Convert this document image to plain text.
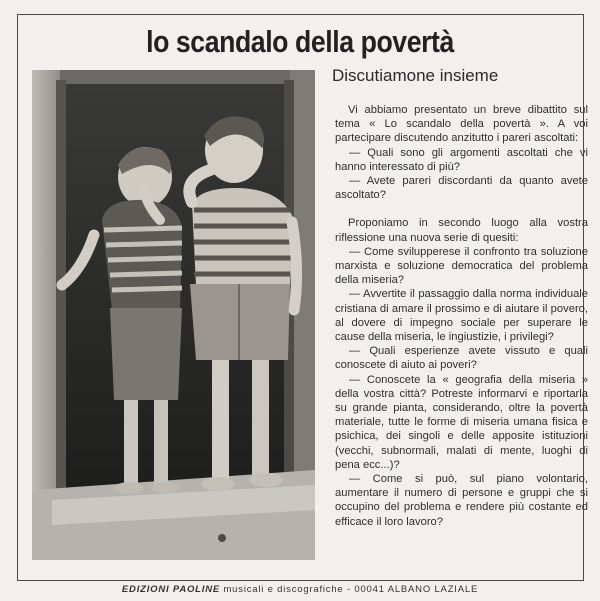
lo scandalo della povertà
Discutiamone insieme

Vi abbiamo presentato un breve dibattito sul tema « Lo scandalo della povertà ». A voi partecipare discutendo anzitutto i pareri ascoltati:

— Quali sono gli argomenti ascoltati che vi hanno interessato di più?

— Avete pareri discordanti da quanto avete ascoltato?

Proponiamo in secondo luogo alla vostra riflessione una nuova serie di quesiti:

— Come svilupperese il confronto tra soluzione marxista e soluzione democratica del problema della miseria?

— Avvertite il passaggio dalla norma individuale cristiana di amare il prossimo e di aiutare il povero, al dovere di impegno sociale per superare le cause della miseria, le ingiustizie, i privilegi?

— Quali esperienze avete vissuto e quali conoscete di aiuto ai poveri?

— Conoscete la « geografia della miseria » della vostra città? Potreste informarvi e riportarla su grande pianta, considerando, oltre la povertà materiale, tutte le forme di miseria umana fisica e psichica, dei singoli e delle apposite istituzioni (vecchi, subnormali, malati di mente, luoghi di pena ecc...)?

— Come si può, sul piano volontario, aumentare il numero di persone e gruppi che si occupino del problema e rendere più costante ed efficace il loro lavoro?

EDIZIONI PAOLINE musicali e discografiche - 00041 ALBANO LAZIALE
